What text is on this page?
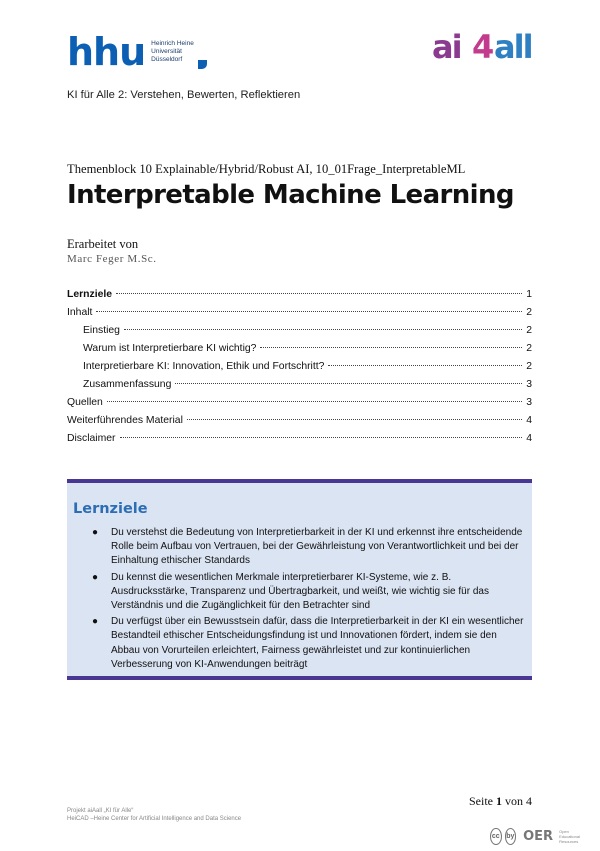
hhu Heinrich Heine
Universität
Düsseldorf	ai 4 all
KI für Alle 2: Verstehen, Bewerten, Reflektieren
Themenblock 10 Explainable/Hybrid/Robust AI, 10_01Frage_InterpretableML
Interpretable Machine Learning
Erarbeitet von
Marc Feger M.Sc.
Lernziele	1
Inhalt	2
Einstieg	2
Warum ist Interpretierbare KI wichtig?	2
Interpretierbare KI: Innovation, Ethik und Fortschritt?	2
Zusammenfassung	3
Quellen	3
Weiterführendes Material	4
Disclaimer	4
Lernziele
● Du verstehst die Bedeutung von Interpretierbarkeit in der KI und erkennst ihre entscheidende Rolle beim Aufbau von Vertrauen, bei der Gewährleistung von Verantwortlichkeit und bei der Einhaltung ethischer Standards
● Du kennst die wesentlichen Merkmale interpretierbarer KI-Systeme, wie z. B. Ausdrucksstärke, Transparenz und Übertragbarkeit, und weißt, wie wichtig sie für das Verständnis und die Zugänglichkeit für den Betrachter sind
● Du verfügst über ein Bewusstsein dafür, dass die Interpretierbarkeit in der KI ein wesentlicher Bestandteil ethischer Entscheidungsfindung ist und Innovationen fördert, indem sie den Abbau von Vorurteilen erleichtert, Fairness gewährleistet und zur kontinuierlichen Verbesserung von KI-Anwendungen beiträgt
Seite 1 von 4
Projekt aiAall „KI für Alle“
HeiCAD –Heine Center for Artificial Intelligence and Data Science
cc by OER Open
Educational
Resources
